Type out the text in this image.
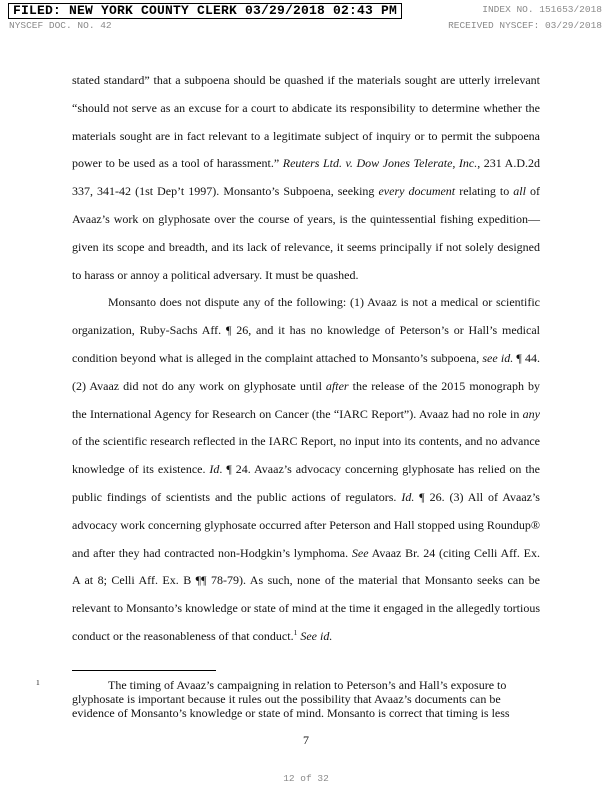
FILED: NEW YORK COUNTY CLERK 03/29/2018 02:43 PM	INDEX NO. 151653/2018
NYSCEF DOC. NO. 42	RECEIVED NYSCEF: 03/29/2018

stated standard” that a subpoena should be quashed if the materials sought are utterly irrelevant “should not serve as an excuse for a court to abdicate its responsibility to determine whether the materials sought are in fact relevant to a legitimate subject of inquiry or to permit the subpoena power to be used as a tool of harassment.” Reuters Ltd. v. Dow Jones Telerate, Inc., 231 A.D.2d 337, 341-42 (1st Dep’t 1997). Monsanto’s Subpoena, seeking every document relating to all of Avaaz’s work on glyphosate over the course of years, is the quintessential fishing expedition—given its scope and breadth, and its lack of relevance, it seems principally if not solely designed to harass or annoy a political adversary. It must be quashed.

Monsanto does not dispute any of the following: (1) Avaaz is not a medical or scientific organization, Ruby-Sachs Aff. ¶ 26, and it has no knowledge of Peterson’s or Hall’s medical condition beyond what is alleged in the complaint attached to Monsanto’s subpoena, see id. ¶ 44. (2) Avaaz did not do any work on glyphosate until after the release of the 2015 monograph by the International Agency for Research on Cancer (the “IARC Report”). Avaaz had no role in any of the scientific research reflected in the IARC Report, no input into its contents, and no advance knowledge of its existence. Id. ¶ 24. Avaaz’s advocacy concerning glyphosate has relied on the public findings of scientists and the public actions of regulators. Id. ¶ 26. (3) All of Avaaz’s advocacy work concerning glyphosate occurred after Peterson and Hall stopped using Roundup® and after they had contracted non-Hodgkin’s lymphoma. See Avaaz Br. 24 (citing Celli Aff. Ex. A at 8; Celli Aff. Ex. B ¶¶ 78-79). As such, none of the material that Monsanto seeks can be relevant to Monsanto’s knowledge or state of mind at the time it engaged in the allegedly tortious conduct or the reasonableness of that conduct.$^1$ See id.

1	The timing of Avaaz’s campaigning in relation to Peterson’s and Hall’s exposure to glyphosate is important because it rules out the possibility that Avaaz’s documents can be evidence of Monsanto’s knowledge or state of mind. Monsanto is correct that timing is less
7
12 of 32
